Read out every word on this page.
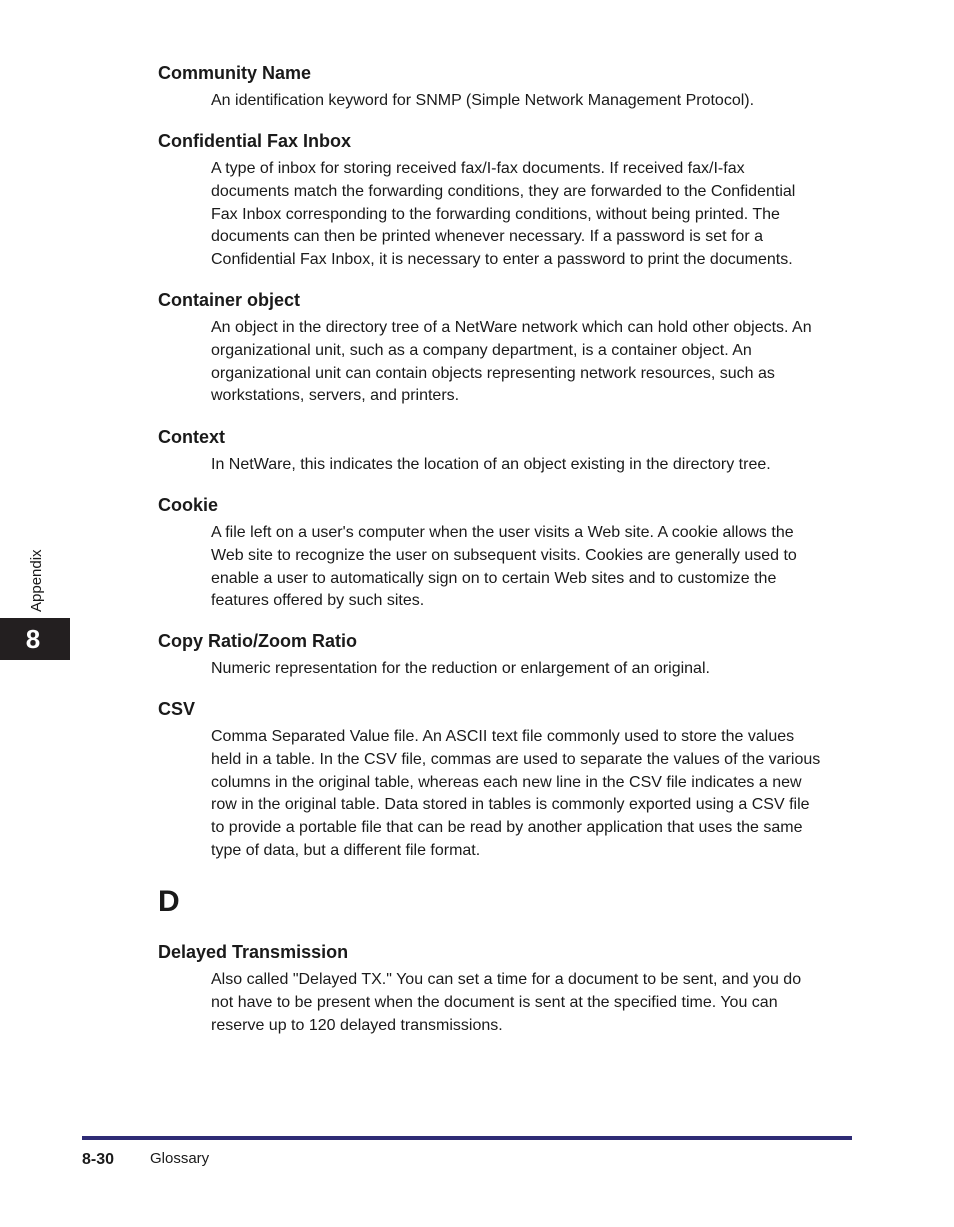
Appendix
8
Community Name
An identification keyword for SNMP (Simple Network Management Protocol).
Confidential Fax Inbox
A type of inbox for storing received fax/I-fax documents. If received fax/I-fax
documents match the forwarding conditions, they are forwarded to the Confidential
Fax Inbox corresponding to the forwarding conditions, without being printed. The
documents can then be printed whenever necessary. If a password is set for a
Confidential Fax Inbox, it is necessary to enter a password to print the documents.
Container object
An object in the directory tree of a NetWare network which can hold other objects. An
organizational unit, such as a company department, is a container object. An
organizational unit can contain objects representing network resources, such as
workstations, servers, and printers.
Context
In NetWare, this indicates the location of an object existing in the directory tree.
Cookie
A file left on a user's computer when the user visits a Web site. A cookie allows the
Web site to recognize the user on subsequent visits. Cookies are generally used to
enable a user to automatically sign on to certain Web sites and to customize the
features offered by such sites.
Copy Ratio/Zoom Ratio
Numeric representation for the reduction or enlargement of an original.
CSV
Comma Separated Value file. An ASCII text file commonly used to store the values
held in a table. In the CSV file, commas are used to separate the values of the various
columns in the original table, whereas each new line in the CSV file indicates a new
row in the original table. Data stored in tables is commonly exported using a CSV file
to provide a portable file that can be read by another application that uses the same
type of data, but a different file format.
D
Delayed Transmission
Also called "Delayed TX." You can set a time for a document to be sent, and you do
not have to be present when the document is sent at the specified time. You can
reserve up to 120 delayed transmissions.
8-30 Glossary
